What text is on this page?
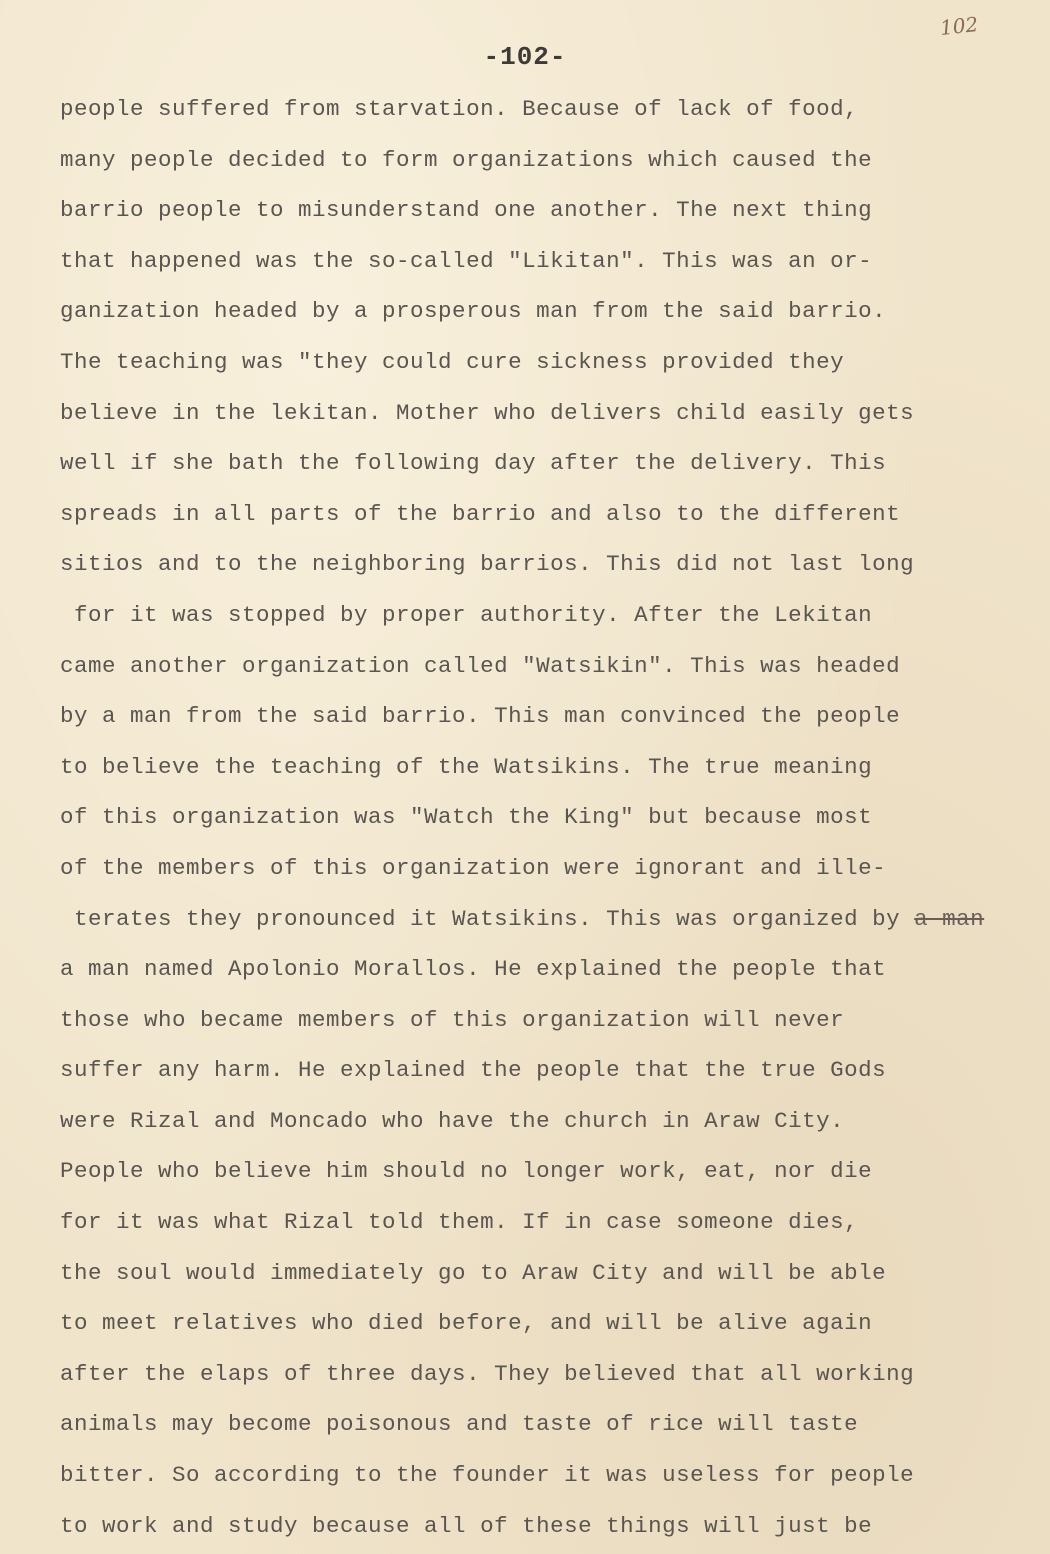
102
-102-
people suffered from starvation. Because of lack of food,
many people decided to form organizations which caused the
barrio people to misunderstand one another. The next thing
that happened was the so-called "Likitan". This was an or-
ganization headed by a prosperous man from the said barrio.
The teaching was "they could cure sickness provided they
believe in the lekitan. Mother who delivers child easily gets
well if she bath the following day after the delivery. This
spreads in all parts of the barrio and also to the different
sitios and to the neighboring barrios. This did not last long
for it was stopped by proper authority. After the Lekitan
came another organization called "Watsikin". This was headed
by a man from the said barrio. This man convinced the people
to believe the teaching of the Watsikins. The true meaning
of this organization was "Watch the King" but because most
of the members of this organization were ignorant and ille-
terates they pronounced it Watsikins. This was organized by a man
a man named Apolonio Morallos. He explained the people that
those who became members of this organization will never
suffer any harm. He explained the people that the true Gods
were Rizal and Moncado who have the church in Araw City.
People who believe him should no longer work, eat, nor die
for it was what Rizal told them. If in case someone dies,
the soul would immediately go to Araw City and will be able
to meet relatives who died before, and will be alive again
after the elaps of three days. They believed that all working
animals may become poisonous and taste of rice will taste
bitter. So according to the founder it was useless for people
to work and study because all of these things will just be
